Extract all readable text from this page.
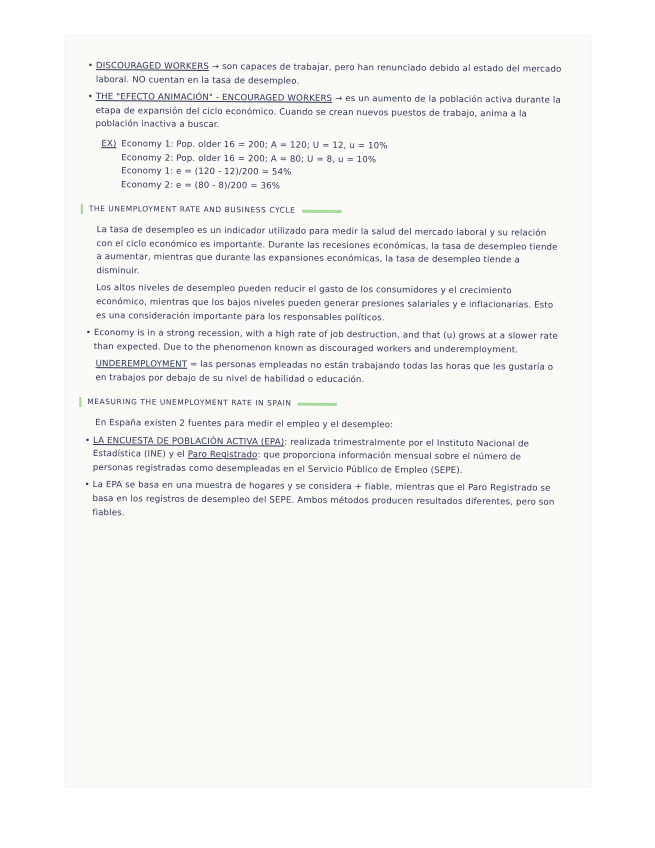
• DISCOURAGED WORKERS → son capaces de trabajar, pero han renunciado debido al estado del mercado laboral. NO cuentan en la tasa de desempleo.

• THE "EFECTO ANIMACIÓN" - ENCOURAGED WORKERS → es un aumento de la población activa durante la etapa de expansión del ciclo económico. Cuando se crean nuevos puestos de trabajo, anima a la población inactiva a buscar.

EX) Economy 1: Pop. older 16 = 200; A = 120; U = 12, u = 10%
Economy 2: Pop. older 16 = 200; A = 80; U = 8, u = 10%
Economy 1: e = (120 - 12)/200 = 54%
Economy 2: e = (80 - 8)/200 = 36%
THE UNEMPLOYMENT RATE AND BUSINESS CYCLE

La tasa de desempleo es un indicador utilizado para medir la salud del mercado laboral y su relación con el ciclo económico es importante. Durante las recesiones económicas, la tasa de desempleo tiende a aumentar, mientras que durante las expansiones económicas, la tasa de desempleo tiende a disminuir.

Los altos niveles de desempleo pueden reducir el gasto de los consumidores y el crecimiento económico, mientras que los bajos niveles pueden generar presiones salariales y e inflacionarias. Esto es una consideración importante para los responsables políticos.

• Economy is in a strong recession, with a high rate of job destruction, and that (u) grows at a slower rate than expected. Due to the phenomenon known as discouraged workers and underemployment.

UNDEREMPLOYMENT = las personas empleadas no están trabajando todas las horas que les gustaría o en trabajos por debajo de su nivel de habilidad o educación.

MEASURING THE UNEMPLOYMENT RATE IN SPAIN

En España existen 2 fuentes para medir el empleo y el desempleo:

• LA ENCUESTA DE POBLACIÓN ACTIVA (EPA): realizada trimestralmente por el Instituto Nacional de Estadística (INE) y el Paro Registrado: que proporciona información mensual sobre el número de personas registradas como desempleadas en el Servicio Público de Empleo (SEPE).

• La EPA se basa en una muestra de hogares y se considera + fiable, mientras que el Paro Registrado se basa en los registros de desempleo del SEPE. Ambos métodos producen resultados diferentes, pero son fiables.
